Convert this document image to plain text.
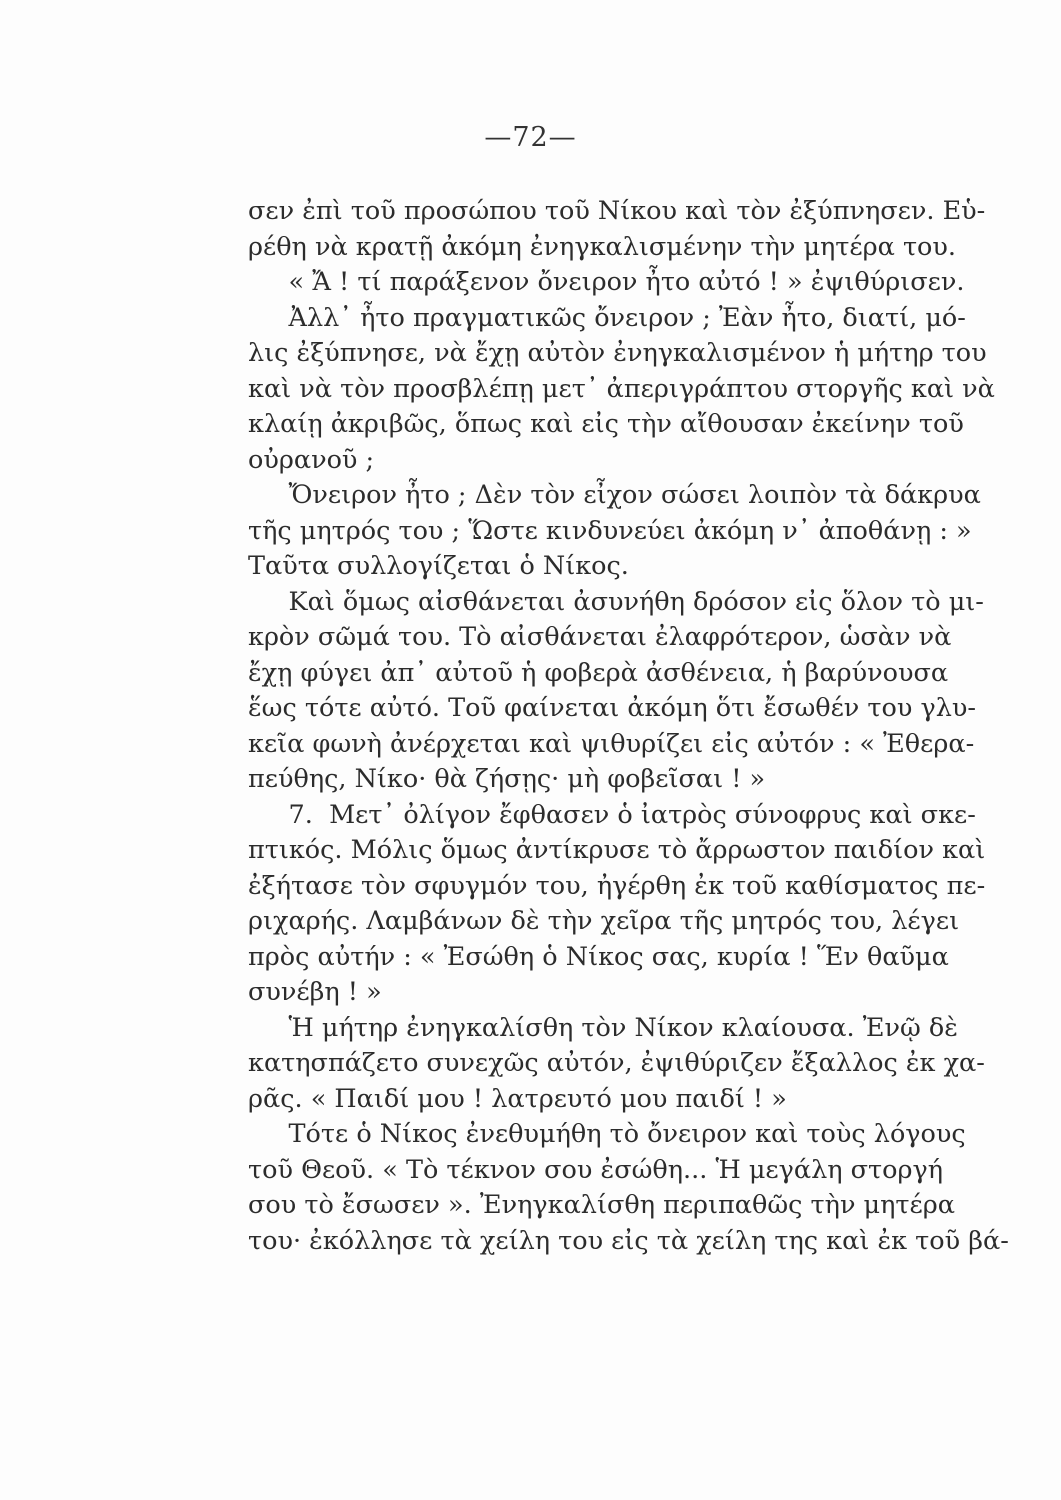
—72—
σεν ἐπὶ τοῦ προσώπου τοῦ Νίκου καὶ τὸν ἐξύπνησεν. Εὑ-
ρέθη νὰ κρατῇ ἀκόμη ἐνηγκαλισμένην τὴν μητέρα του.
« Ἄ ! τί παράξενον ὄνειρον ἦτο αὐτό ! » ἐψιθύρισεν.
Ἀλλ᾽ ἦτο πραγματικῶς ὄνειρον ; Ἐὰν ἦτο, διατί, μό-
λις ἐξύπνησε, νὰ ἔχῃ αὐτὸν ἐνηγκαλισμένον ἡ μήτηρ του
καὶ νὰ τὸν προσβλέπῃ μετ᾽ ἀπεριγράπτου στοργῆς καὶ νὰ
κλαίῃ ἀκριβῶς, ὅπως καὶ εἰς τὴν αἴθουσαν ἐκείνην τοῦ
οὐρανοῦ ;
Ὄνειρον ἦτο ; Δὲν τὸν εἶχον σώσει λοιπὸν τὰ δάκρυα
τῆς μητρός του ; Ὥστε κινδυνεύει ἀκόμη ν᾽ ἀποθάνῃ : »
Ταῦτα συλλογίζεται ὁ Νίκος.
Καὶ ὅμως αἰσθάνεται ἀσυνήθη δρόσον εἰς ὅλον τὸ μι-
κρὸν σῶμά του. Τὸ αἰσθάνεται ἐλαφρότερον, ὡσὰν νὰ
ἔχῃ φύγει ἀπ᾽ αὐτοῦ ἡ φοβερὰ ἀσθένεια, ἡ βαρύνουσα
ἕως τότε αὐτό. Τοῦ φαίνεται ἀκόμη ὅτι ἔσωθέν του γλυ-
κεῖα φωνὴ ἀνέρχεται καὶ ψιθυρίζει εἰς αὐτόν : « Ἐθερα-
πεύθης, Νίκο· θὰ ζήσῃς· μὴ φοβεῖσαι ! »
7.  Μετ᾽ ὀλίγον ἔφθασεν ὁ ἰατρὸς σύνοφρυς καὶ σκε-
πτικός. Μόλις ὅμως ἀντίκρυσε τὸ ἄρρωστον παιδίον καὶ
ἐξήτασε τὸν σφυγμόν του, ἠγέρθη ἐκ τοῦ καθίσματος πε-
ριχαρής. Λαμβάνων δὲ τὴν χεῖρα τῆς μητρός του, λέγει
πρὸς αὐτήν : « Ἐσώθη ὁ Νίκος σας, κυρία ! Ἕν θαῦμα
συνέβη ! »
Ἡ μήτηρ ἐνηγκαλίσθη τὸν Νίκον κλαίουσα. Ἐνῷ δὲ
κατησπάζετο συνεχῶς αὐτόν, ἐψιθύριζεν ἔξαλλος ἐκ χα-
ρᾶς. « Παιδί μου ! λατρευτό μου παιδί ! »
Τότε ὁ Νίκος ἐνεθυμήθη τὸ ὄνειρον καὶ τοὺς λόγους
τοῦ Θεοῦ. « Τὸ τέκνον σου ἐσώθη... Ἡ μεγάλη στοργή
σου τὸ ἔσωσεν ». Ἐνηγκαλίσθη περιπαθῶς τὴν μητέρα
του· ἐκόλλησε τὰ χείλη του εἰς τὰ χείλη της καὶ ἐκ τοῦ βά-
